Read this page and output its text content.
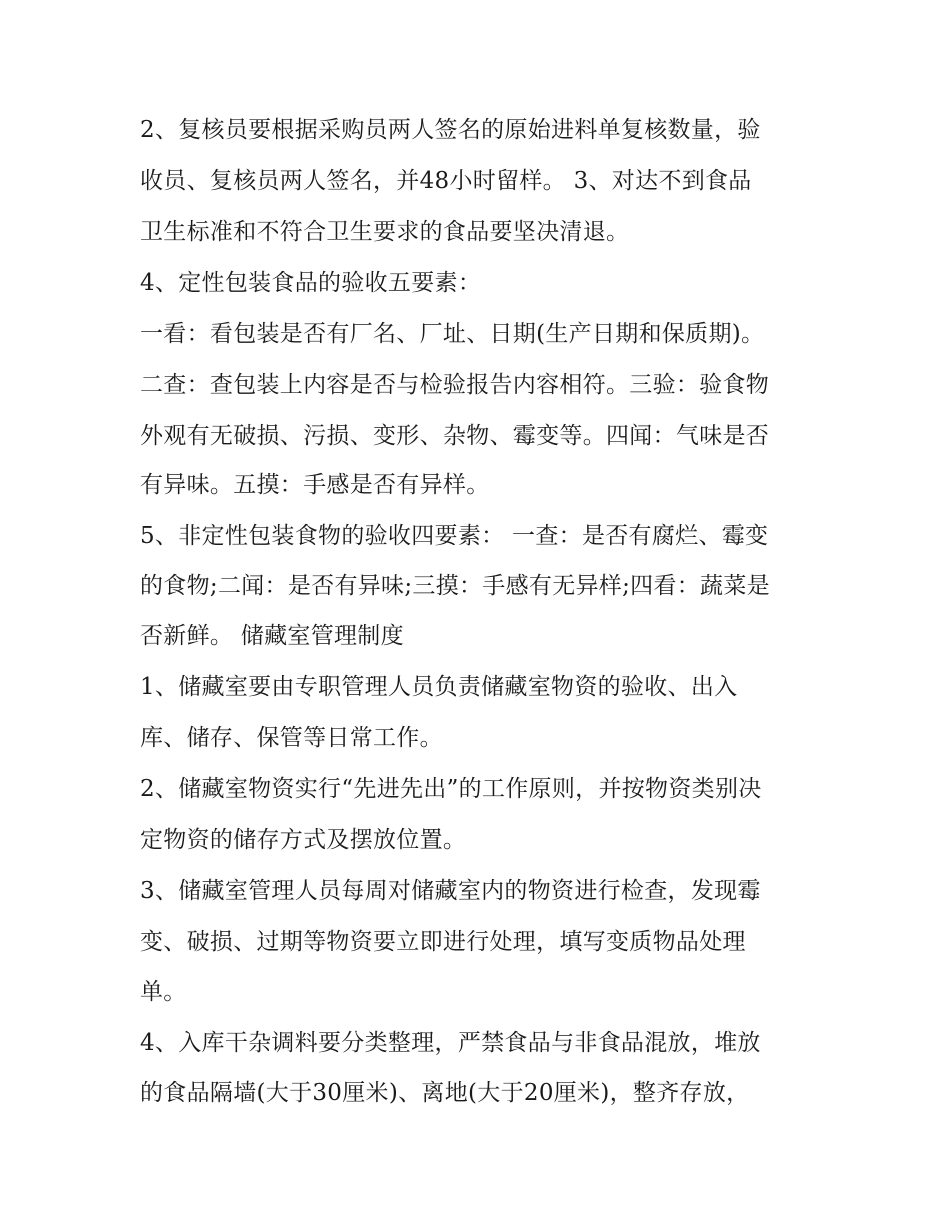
2、复核员要根据采购员两人签名的原始进料单复核数量，验

收员、复核员两人签名，并48小时留样。 3、对达不到食品

卫生标准和不符合卫生要求的食品要坚决清退。

4、定性包装食品的验收五要素：

一看：看包装是否有厂名、厂址、日期(生产日期和保质期)。

二查：查包装上内容是否与检验报告内容相符。三验：验食物

外观有无破损、污损、变形、杂物、霉变等。四闻：气味是否

有异味。五摸：手感是否有异样。

5、非定性包装食物的验收四要素： 一查：是否有腐烂、霉变

的食物;二闻：是否有异味;三摸：手感有无异样;四看：蔬菜是

否新鲜。 储藏室管理制度

1、储藏室要由专职管理人员负责储藏室物资的验收、出入

库、储存、保管等日常工作。

2、储藏室物资实行“先进先出”的工作原则，并按物资类别决

定物资的储存方式及摆放位置。

3、储藏室管理人员每周对储藏室内的物资进行检查，发现霉

变、破损、过期等物资要立即进行处理，填写变质物品处理

单。

4、入库干杂调料要分类整理，严禁食品与非食品混放，堆放

的食品隔墙(大于30厘米)、离地(大于20厘米)，整齐存放，
